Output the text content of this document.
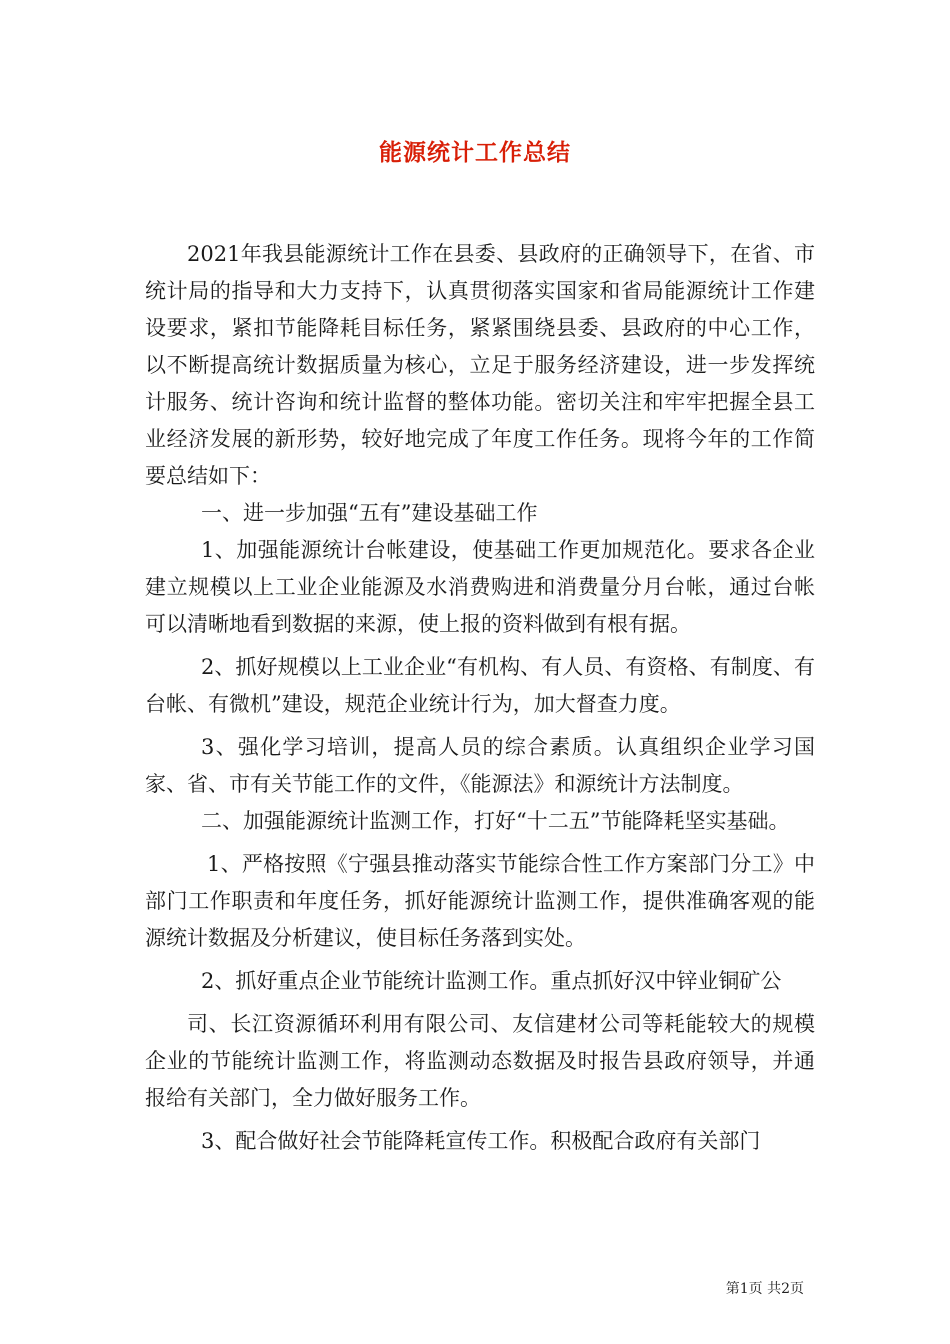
能源统计工作总结

2021年我县能源统计工作在县委、县政府的正确领导下，在省、市统计局的指导和大力支持下，认真贯彻落实国家和省局能源统计工作建设要求，紧扣节能降耗目标任务，紧紧围绕县委、县政府的中心工作，以不断提高统计数据质量为核心，立足于服务经济建设，进一步发挥统计服务、统计咨询和统计监督的整体功能。密切关注和牢牢把握全县工业经济发展的新形势，较好地完成了年度工作任务。现将今年的工作简要总结如下：

一、进一步加强“五有”建设基础工作

1、加强能源统计台帐建设，使基础工作更加规范化。要求各企业建立规模以上工业企业能源及水消费购进和消费量分月台帐，通过台帐可以清晰地看到数据的来源，使上报的资料做到有根有据。

2、抓好规模以上工业企业“有机构、有人员、有资格、有制度、有台帐、有微机”建设，规范企业统计行为，加大督查力度。

3、强化学习培训，提高人员的综合素质。认真组织企业学习国家、省、市有关节能工作的文件，《能源法》和源统计方法制度。

二、加强能源统计监测工作，打好“十二五”节能降耗坚实基础。

1、严格按照《宁强县推动落实节能综合性工作方案部门分工》中部门工作职责和年度任务，抓好能源统计监测工作，提供准确客观的能源统计数据及分析建议，使目标任务落到实处。

2、抓好重点企业节能统计监测工作。重点抓好汉中锌业铜矿公

司、长江资源循环利用有限公司、友信建材公司等耗能较大的规模企业的节能统计监测工作，将监测动态数据及时报告县政府领导，并通报给有关部门，全力做好服务工作。

3、配合做好社会节能降耗宣传工作。积极配合政府有关部门

第1页 共2页
